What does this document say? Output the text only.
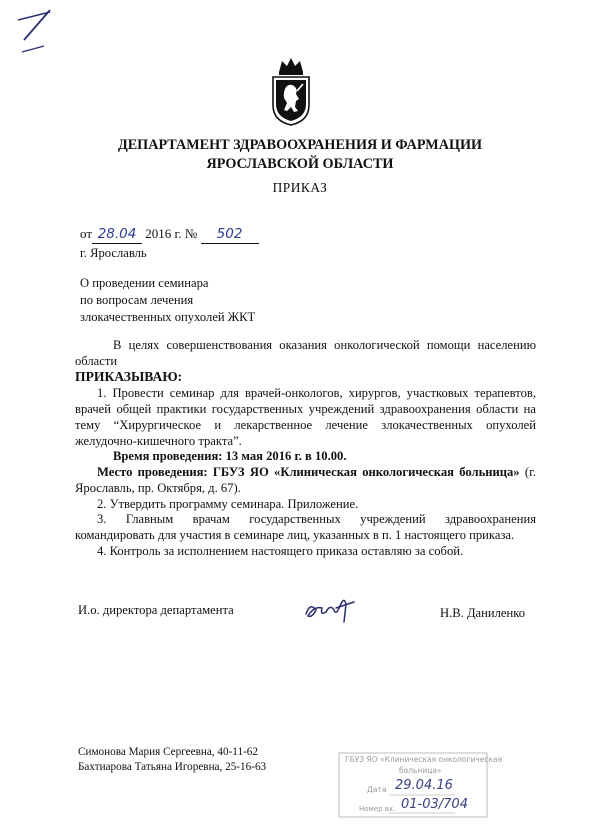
ДЕПАРТАМЕНТ ЗДРАВООХРАНЕНИЯ И ФАРМАЦИИ
ЯРОСЛАВСКОЙ ОБЛАСТИ
ПРИКАЗ
от 28.04 2016 г. № 502
г. Ярославль
О проведении семинара
по вопросам лечения
злокачественных опухолей ЖКТ

В целях совершенствования оказания онкологической помощи населению области

ПРИКАЗЫВАЮ:

1. Провести семинар для врачей-онкологов, хирургов, участковых терапевтов, врачей общей практики государственных учреждений здравоохранения области на тему “Хирургическое и лекарственное лечение злокачественных опухолей желудочно-кишечного тракта”.

Время проведения: 13 мая 2016 г. в 10.00.

Место проведения: ГБУЗ ЯО «Клиническая онкологическая больница» (г. Ярославль, пр. Октября, д. 67).

2. Утвердить программу семинара. Приложение.

3. Главным врачам государственных учреждений здравоохранения командировать для участия в семинаре лиц, указанных в п. 1 настоящего приказа.

4. Контроль за исполнением настоящего приказа оставляю за собой.

И.о. директора департамента	Н.В. Даниленко
Симонова Мария Сергеевна, 40-11-62
Бахтиарова Татьяна Игоревна, 25-16-63
ГБУЗ ЯО «Клиническая онкологическая
больница»
Дата 29.04.16
Номер вх. 01-03/704
